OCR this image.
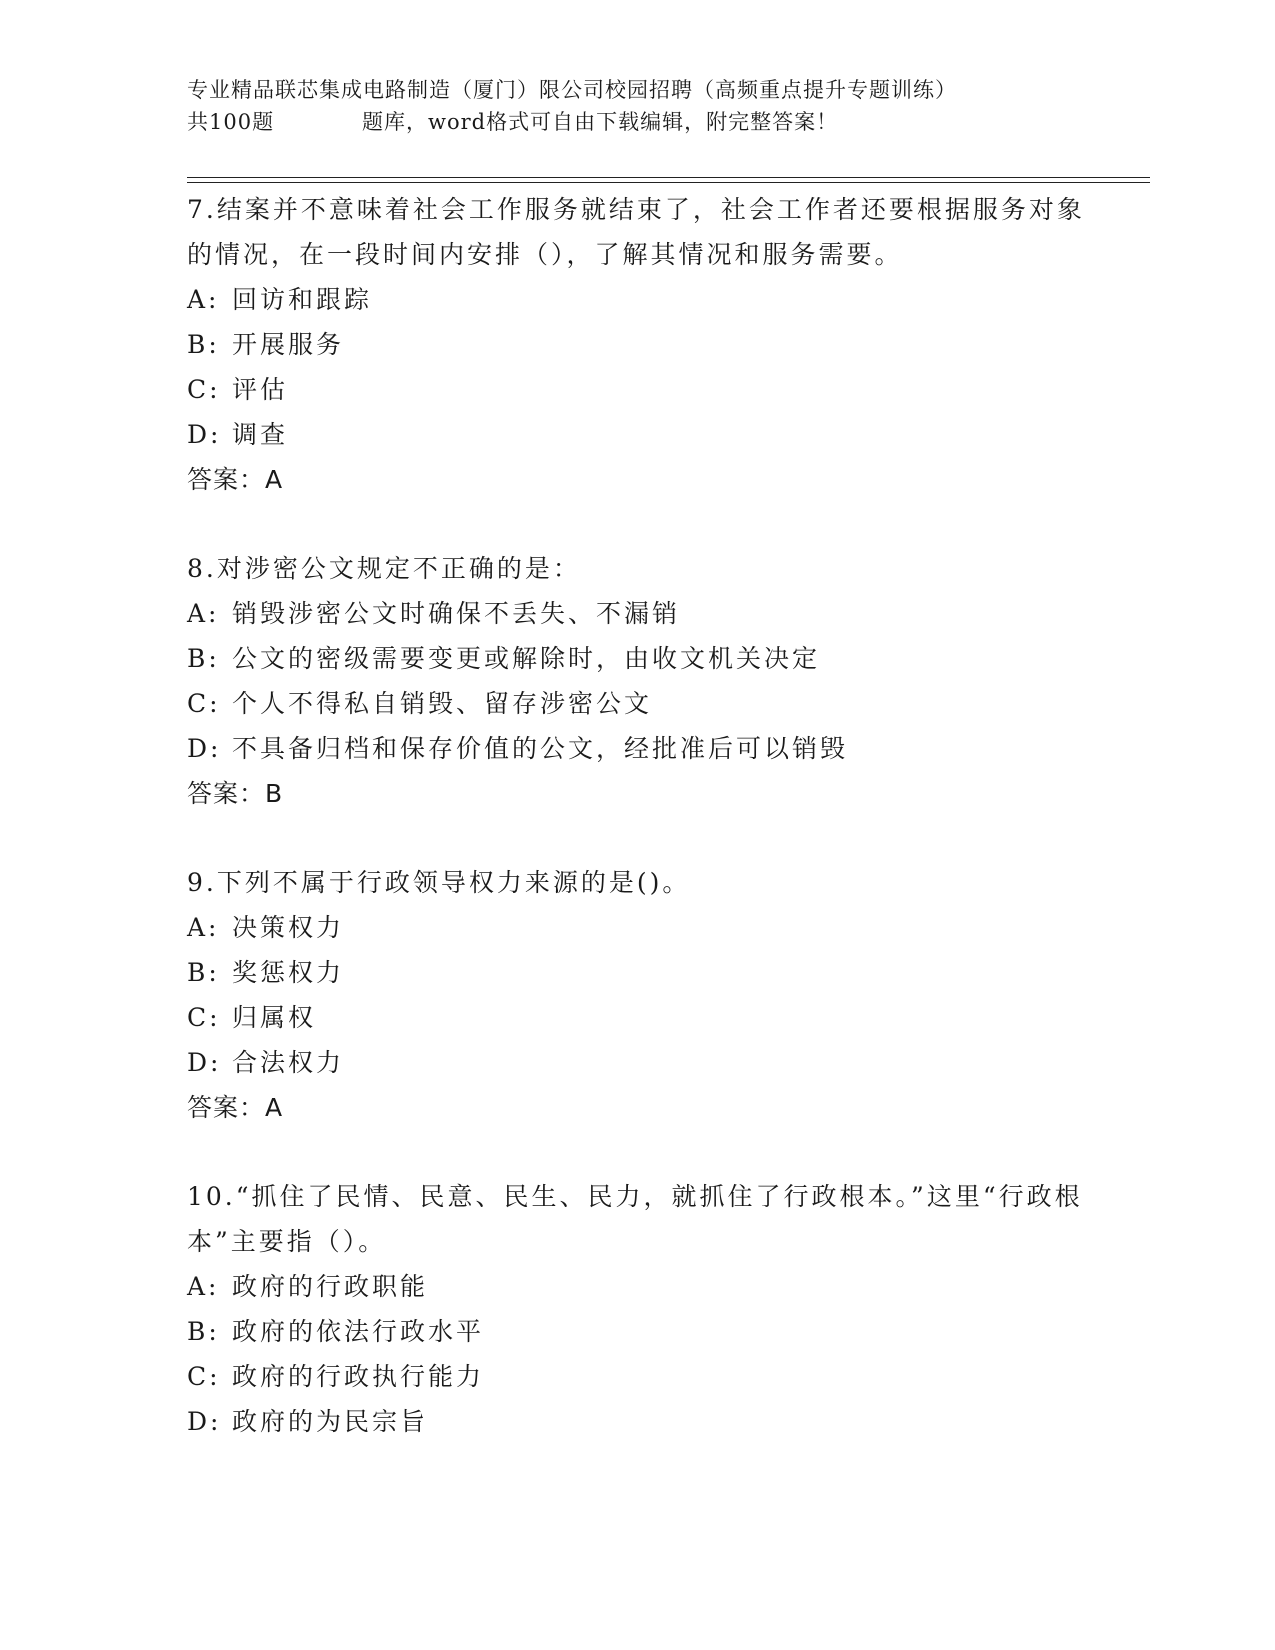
专业精品联芯集成电路制造（厦门）限公司校园招聘（高频重点提升专题训练）
共100题	题库，word格式可自由下载编辑，附完整答案！
7.结案并不意味着社会工作服务就结束了，社会工作者还要根据服务对象的情况，在一段时间内安排（），了解其情况和服务需要。
A: 回访和跟踪
B: 开展服务
C: 评估
D: 调查
答案：A
8.对涉密公文规定不正确的是：
A: 销毁涉密公文时确保不丢失、不漏销
B: 公文的密级需要变更或解除时，由收文机关决定
C: 个人不得私自销毁、留存涉密公文
D: 不具备归档和保存价值的公文，经批准后可以销毁
答案：B
9.下列不属于行政领导权力来源的是()。
A: 决策权力
B: 奖惩权力
C: 归属权
D: 合法权力
答案：A
10.“抓住了民情、民意、民生、民力，就抓住了行政根本。”这里“行政根本”主要指（）。
A: 政府的行政职能
B: 政府的依法行政水平
C: 政府的行政执行能力
D: 政府的为民宗旨
